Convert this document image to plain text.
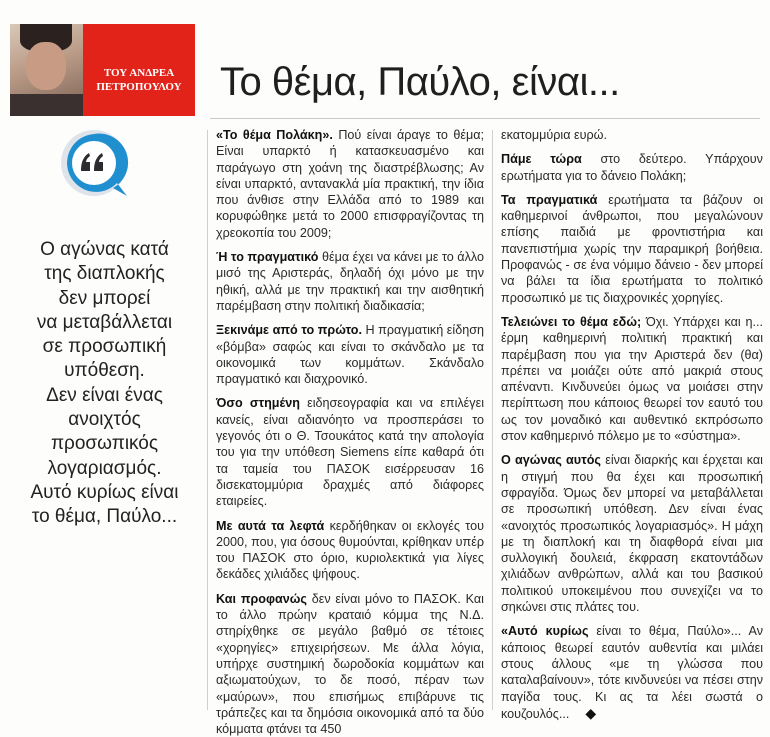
ΤΟΥ ΑΝΔΡΕΑ
ΠΕΤΡΟΠΟΥΛΟΥ Το θέμα, Παύλο, είναι...
Ο αγώνας κατά
της διαπλοκής
δεν μπορεί
να μεταβάλλεται
σε προσωπική
υπόθεση.
Δεν είναι ένας
ανοιχτός
προσωπικός
λογαριασμός.
Αυτό κυρίως είναι
το θέμα, Παύλο...

«Το θέμα Πολάκη». Πού είναι άραγε το θέμα; Είναι υπαρκτό ή κατασκευασμένο και παράγωγο στη χοάνη της διαστρέβλωσης; Αν είναι υπαρκτό, αντανακλά μία πρακτική, την ίδια που άνθισε στην Ελλάδα από το 1989 και κορυφώθηκε μετά το 2000 επισφραγίζοντας τη χρεοκοπία του 2009;

Ή το πραγματικό θέμα έχει να κάνει με το άλλο μισό της Αριστεράς, δηλαδή όχι μόνο με την ηθική, αλλά με την πρακτική και την αισθητική παρέμβαση στην πολιτική διαδικασία;

Ξεκινάμε από το πρώτο. Η πραγματική είδηση «βόμβα» σαφώς και είναι το σκάνδαλο με τα οικονομικά των κομμάτων. Σκάνδαλο πραγματικό και διαχρονικό.

Όσο στημένη ειδησεογραφία και να επιλέγει κανείς, είναι αδιανόητο να προσπεράσει το γεγονός ότι ο Θ. Τσουκάτος κατά την απολογία του για την υπόθεση Siemens είπε καθαρά ότι τα ταμεία του ΠΑΣΟΚ εισέρρευσαν 16 δισεκατομμύρια δραχμές από διάφορες εταιρείες.

Με αυτά τα λεφτά κερδήθηκαν οι εκλογές του 2000, που, για όσους θυμούνται, κρίθηκαν υπέρ του ΠΑΣΟΚ στο όριο, κυριολεκτικά για λίγες δεκάδες χιλιάδες ψήφους.

Και προφανώς δεν είναι μόνο το ΠΑΣΟΚ. Και το άλλο πρώην κραταιό κόμμα της Ν.Δ. στηρίχθηκε σε μεγάλο βαθμό σε τέτοιες «χορηγίες» επιχειρήσεων. Με άλλα λόγια, υπήρχε συστημική δωροδοκία κομμάτων και αξιωματούχων, το δε ποσό, πέραν των «μαύρων», που επισήμως επιβάρυνε τις τράπεζες και τα δημόσια οικονομικά από τα δύο κόμματα φτάνει τα 450

εκατομμύρια ευρώ.

Πάμε τώρα στο δεύτερο. Υπάρχουν ερωτήματα για το δάνειο Πολάκη;

Τα πραγματικά ερωτήματα τα βάζουν οι καθημερινοί άνθρωποι, που μεγαλώνουν επίσης παιδιά με φροντιστήρια και πανεπιστήμια χωρίς την παραμικρή βοήθεια. Προφανώς - σε ένα νόμιμο δάνειο - δεν μπορεί να βάλει τα ίδια ερωτήματα το πολιτικό προσωπικό με τις διαχρονικές χορηγίες.

Τελειώνει το θέμα εδώ; Όχι. Υπάρχει και η... έρμη καθημερινή πολιτική πρακτική και παρέμβαση που για την Αριστερά δεν (θα) πρέπει να μοιάζει ούτε από μακριά στους απέναντι. Κινδυνεύει όμως να μοιάσει στην περίπτωση που κάποιος θεωρεί τον εαυτό του ως τον μοναδικό και αυθεντικό εκπρόσωπο στον καθημερινό πόλεμο με το «σύστημα».

Ο αγώνας αυτός είναι διαρκής και έρχεται και η στιγμή που θα έχει και προσωπική σφραγίδα. Όμως δεν μπορεί να μεταβάλλεται σε προσωπική υπόθεση. Δεν είναι ένας «ανοιχτός προσωπικός λογαριασμός». Η μάχη με τη διαπλοκή και τη διαφθορά είναι μια συλλογική δουλειά, έκφραση εκατοντάδων χιλιάδων ανθρώπων, αλλά και του βασικού πολιτικού υποκειμένου που συνεχίζει να το σηκώνει στις πλάτες του.

«Αυτό κυρίως είναι το θέμα, Παύλο»... Αν κάποιος θεωρεί εαυτόν αυθεντία και μιλάει στους άλλους «με τη γλώσσα που καταλαβαίνουν», τότε κινδυνεύει να πέσει στην παγίδα τους. Κι ας τα λέει σωστά ο κουζουλός... ◆
